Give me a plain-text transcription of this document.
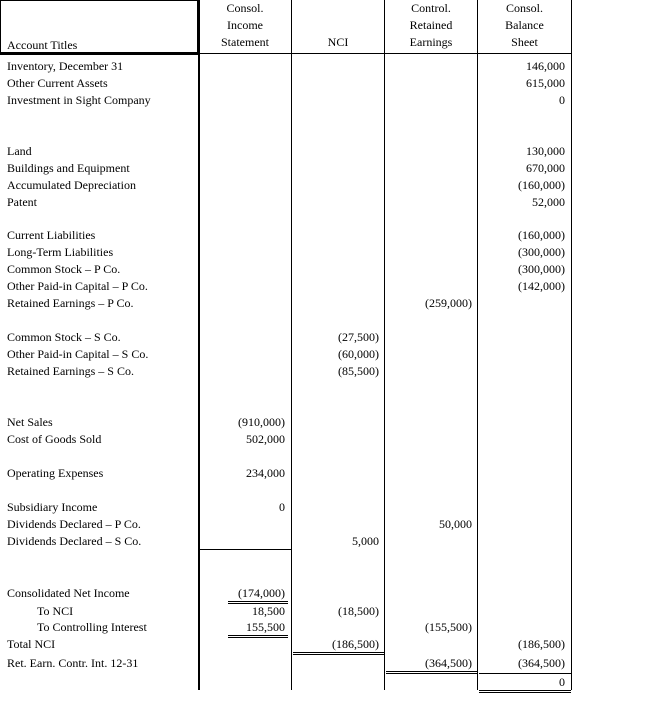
Account Titles
Consol.
Income
Statement	NCI
Control.
Retained
Earnings
Consol.
Balance
Sheet
Inventory, December 31
Other Current Assets
Investment in Sight Company
Land
Buildings and Equipment
Accumulated Depreciation
Patent
Current Liabilities
Long-Term Liabilities
Common Stock – P Co.
Other Paid-in Capital – P Co.
Retained Earnings – P Co.
Common Stock – S Co.
Other Paid-in Capital – S Co.
Retained Earnings – S Co.
Net Sales
Cost of Goods Sold
Operating Expenses
Subsidiary Income
Dividends Declared – P Co.
Dividends Declared – S Co.
Consolidated Net Income
To NCI
To Controlling Interest
Total NCI
Ret. Earn. Contr. Int. 12-31
(910,000)
502,000
234,000
0
(174,000)
18,500
155,500
(27,500)
(60,000)
(85,500)
5,000
(18,500)
(186,500)
(259,000)
50,000
(155,500)
(364,500)
146,000
615,000
0
130,000
670,000
(160,000)
52,000
(160,000)
(300,000)
(300,000)
(142,000)
(186,500)
(364,500)
0
